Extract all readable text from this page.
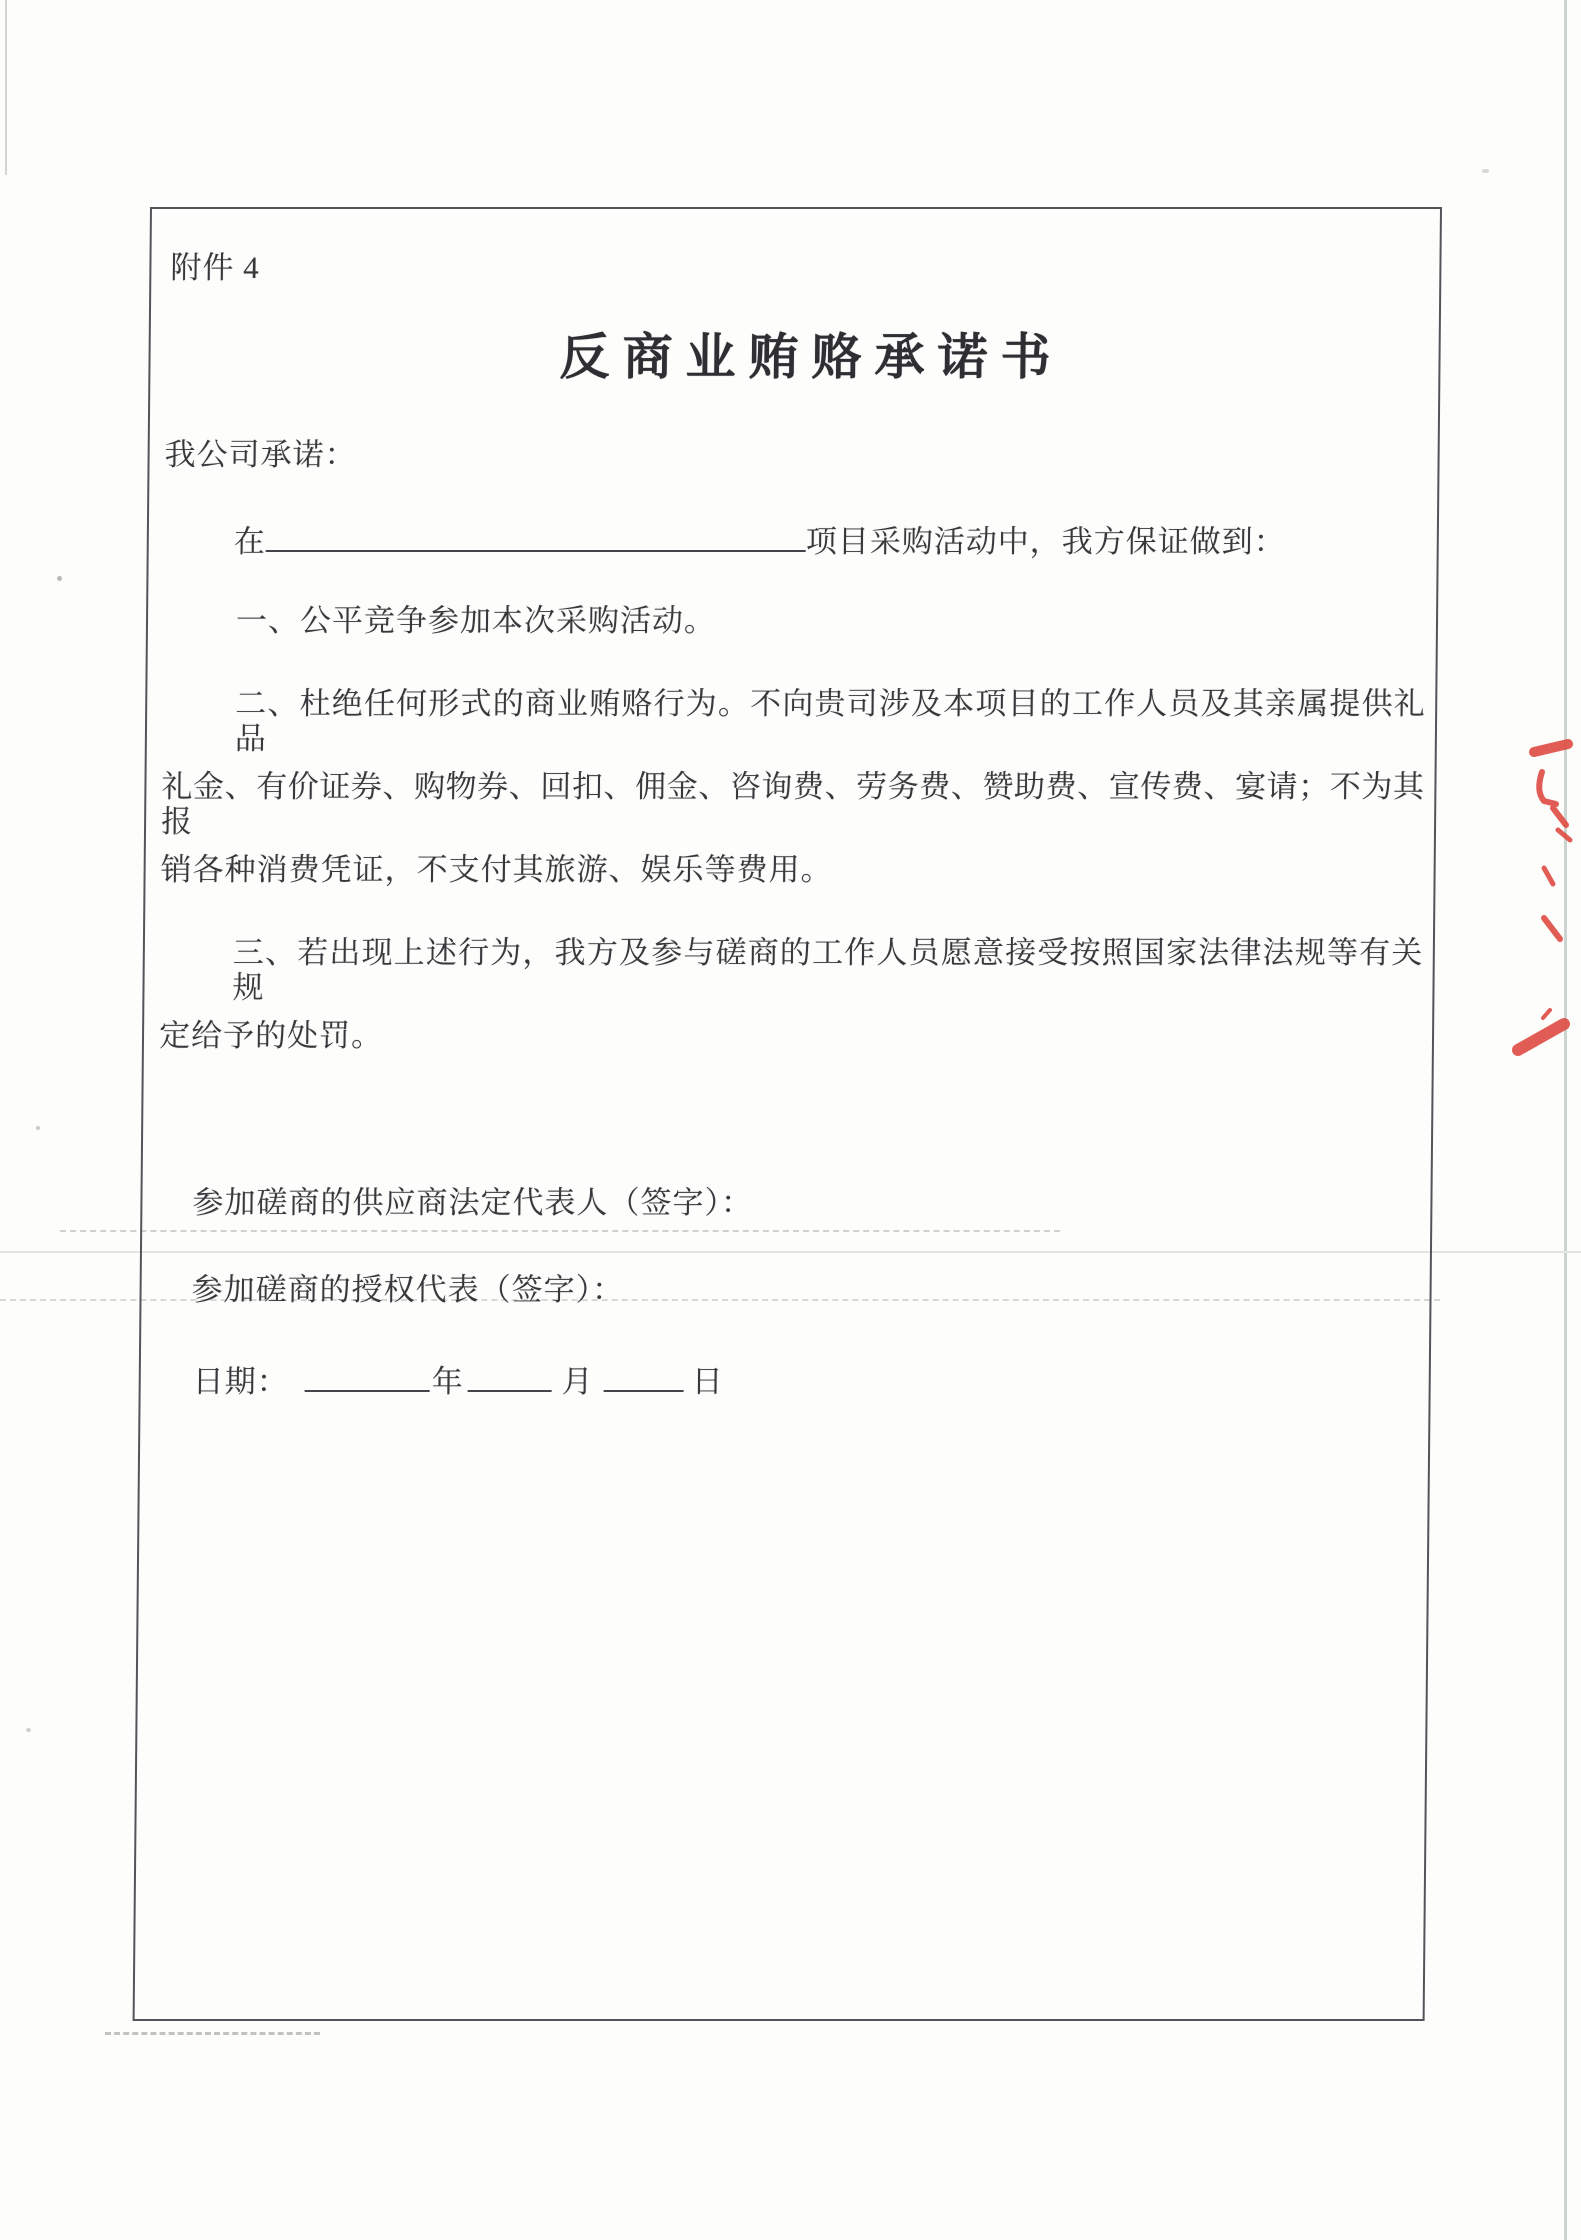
附件 4
反商业贿赂承诺书
我公司承诺：
在	项目采购活动中，我方保证做到：
一、公平竞争参加本次采购活动。
二、杜绝任何形式的商业贿赂行为。不向贵司涉及本项目的工作人员及其亲属提供礼品
礼金、有价证券、购物券、回扣、佣金、咨询费、劳务费、赞助费、宣传费、宴请；不为其报
销各种消费凭证，不支付其旅游、娱乐等费用。
三、若出现上述行为，我方及参与磋商的工作人员愿意接受按照国家法律法规等有关规
定给予的处罚。
参加磋商的供应商法定代表人（签字）：
参加磋商的授权代表（签字）：
日期：	年	月	日
